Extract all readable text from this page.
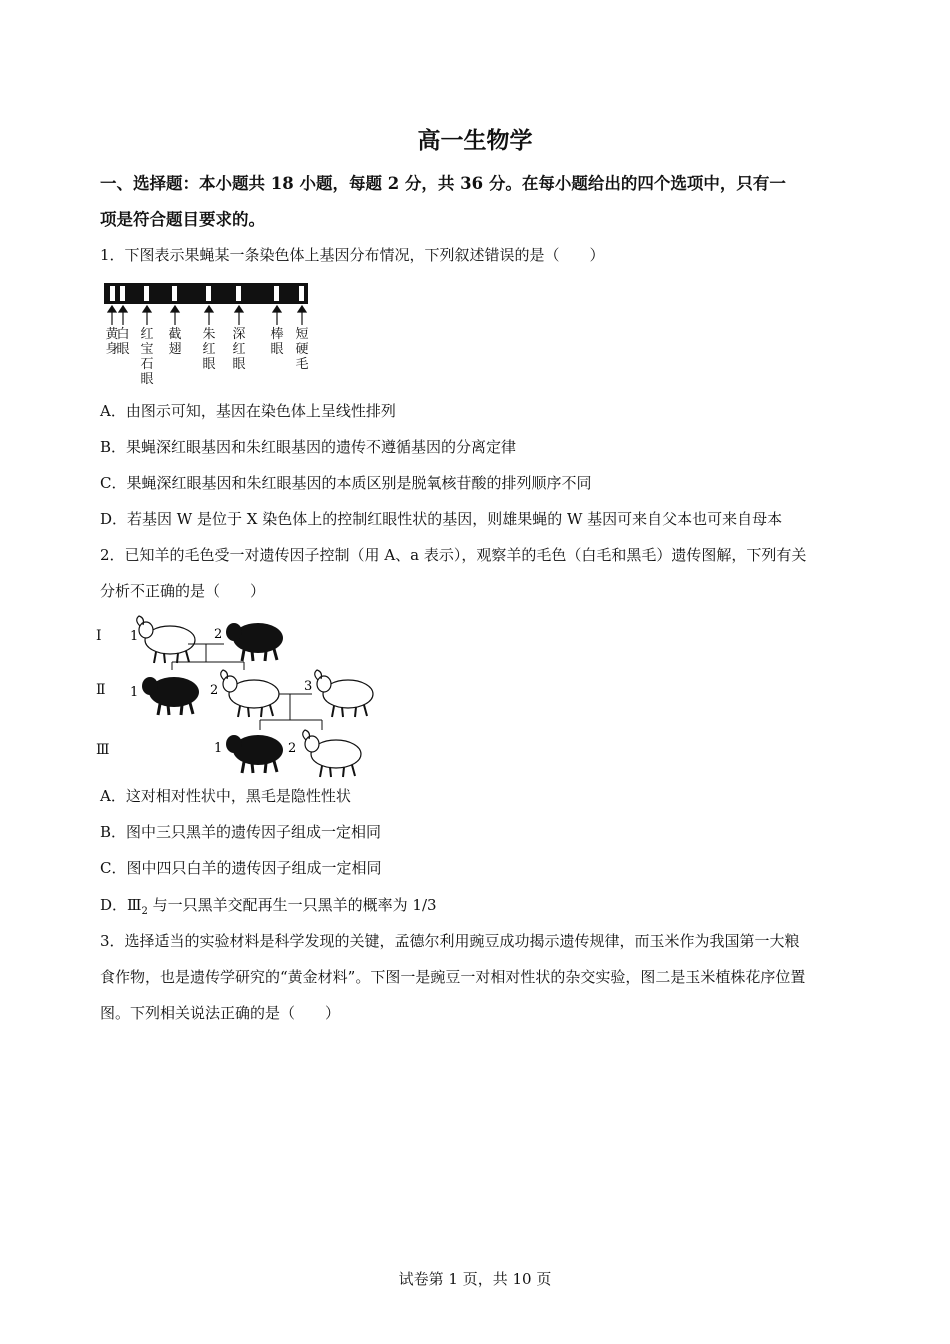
高一生物学
一、选择题：本小题共 18 小题，每题 2 分，共 36 分。在每小题给出的四个选项中，只有一
项是符合题目要求的。
1．下图表示果蝇某一条染色体上基因分布情况，下列叙述错误的是（　　）
黄身
白眼
红宝石眼
截翅
朱红眼
深红眼
棒眼
短硬毛
A．由图示可知，基因在染色体上呈线性排列
B．果蝇深红眼基因和朱红眼基因的遗传不遵循基因的分离定律
C．果蝇深红眼基因和朱红眼基因的本质区别是脱氧核苷酸的排列顺序不同
D．若基因 W 是位于 X 染色体上的控制红眼性状的基因，则雄果蝇的 W 基因可来自父本也可来自母本
2．已知羊的毛色受一对遗传因子控制（用 A、a 表示），观察羊的毛色（白毛和黑毛）遗传图解，下列有关
分析不正确的是（　　）
Ⅰ
Ⅱ
Ⅲ
1	2
1	2	3
1	2
A．这对相对性状中，黑毛是隐性性状
B．图中三只黑羊的遗传因子组成一定相同
C．图中四只白羊的遗传因子组成一定相同
D．$Ⅲ_2$ 与一只黑羊交配再生一只黑羊的概率为 1/3
3．选择适当的实验材料是科学发现的关键，孟德尔利用豌豆成功揭示遗传规律，而玉米作为我国第一大粮
食作物，也是遗传学研究的“黄金材料”。下图一是豌豆一对相对性状的杂交实验，图二是玉米植株花序位置
图。下列相关说法正确的是（　　）
试卷第 1 页，共 10 页
